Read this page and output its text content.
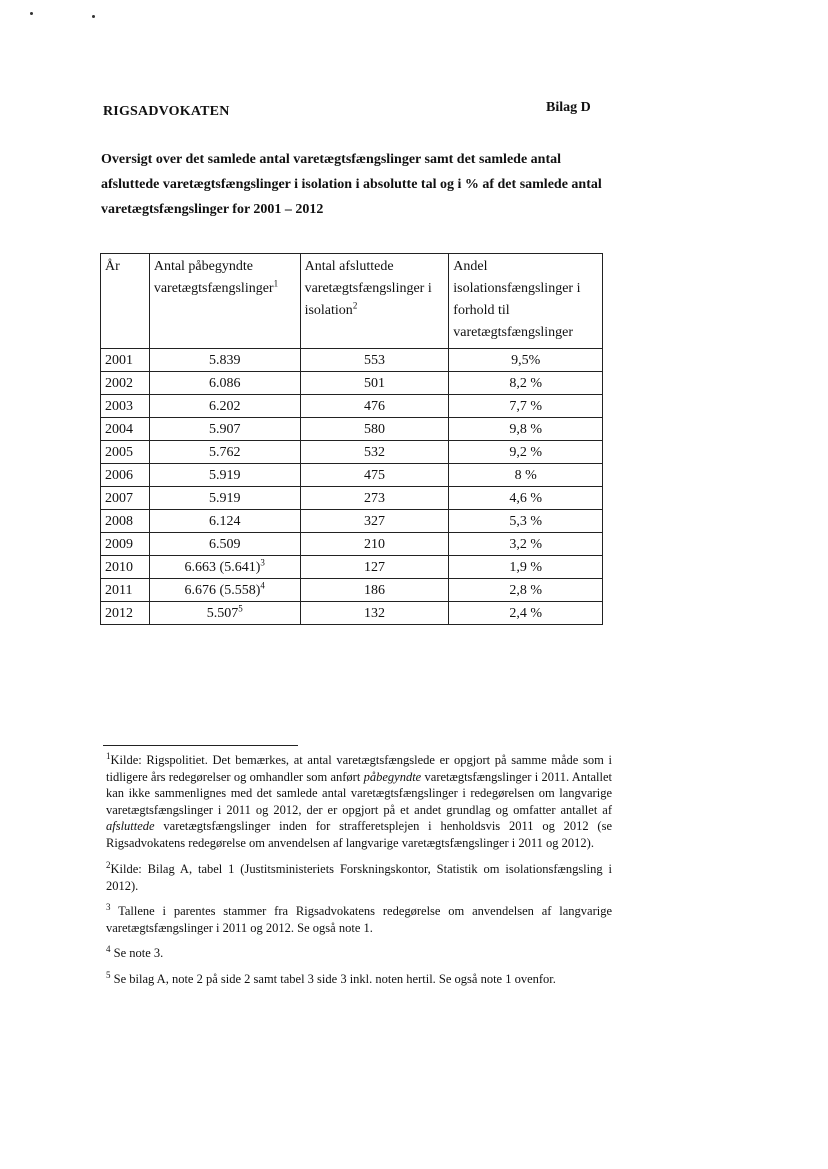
RIGSADVOKATEN	Bilag D
Oversigt over det samlede antal varetægtsfængslinger samt det samlede antal afsluttede varetægtsfængslinger i isolation i absolutte tal og i % af det samlede antal varetægtsfængslinger for 2001 – 2012
År	Antal påbegyndte varetægtsfængslinger$^1$	Antal afsluttede varetægtsfængslinger i isolation$^2$	Andel isolationsfængslinger i forhold til varetægtsfængslinger
2001	5.839	553	9,5%
2002	6.086	501	8,2 %
2003	6.202	476	7,7 %
2004	5.907	580	9,8 %
2005	5.762	532	9,2 %
2006	5.919	475	8 %
2007	5.919	273	4,6 %
2008	6.124	327	5,3 %
2009	6.509	210	3,2 %
2010	6.663 $(5.641)^3$	127	1,9 %
2011	6.676 $(5.558)^4$	186	2,8 %
2012	5.507$^5$	132	2,4 %

$^1$Kilde: Rigspolitiet. Det bemærkes, at antal varetægtsfængslede er opgjort på samme måde som i tidligere års redegørelser og omhandler som anført påbegyndte varetægtsfængslinger i 2011. Antallet kan ikke sammenlignes med det samlede antal varetægtsfængslinger i redegørelsen om langvarige varetægtsfængslinger i 2011 og 2012, der er opgjort på et andet grundlag og omfatter antallet af afsluttede varetægtsfængslinger inden for strafferetsplejen i henholdsvis 2011 og 2012 (se Rigsadvokatens redegørelse om anvendelsen af langvarige varetægtsfængslinger i 2011 og 2012).

$^2$Kilde: Bilag A, tabel 1 (Justitsministeriets Forskningskontor, Statistik om isolationsfængsling i 2012).

$^3$ Tallene i parentes stammer fra Rigsadvokatens redegørelse om anvendelsen af langvarige varetægtsfængslinger i 2011 og 2012. Se også note 1.

$^4$ Se note 3.

$^5$ Se bilag A, note 2 på side 2 samt tabel 3 side 3 inkl. noten hertil. Se også note 1 ovenfor.
